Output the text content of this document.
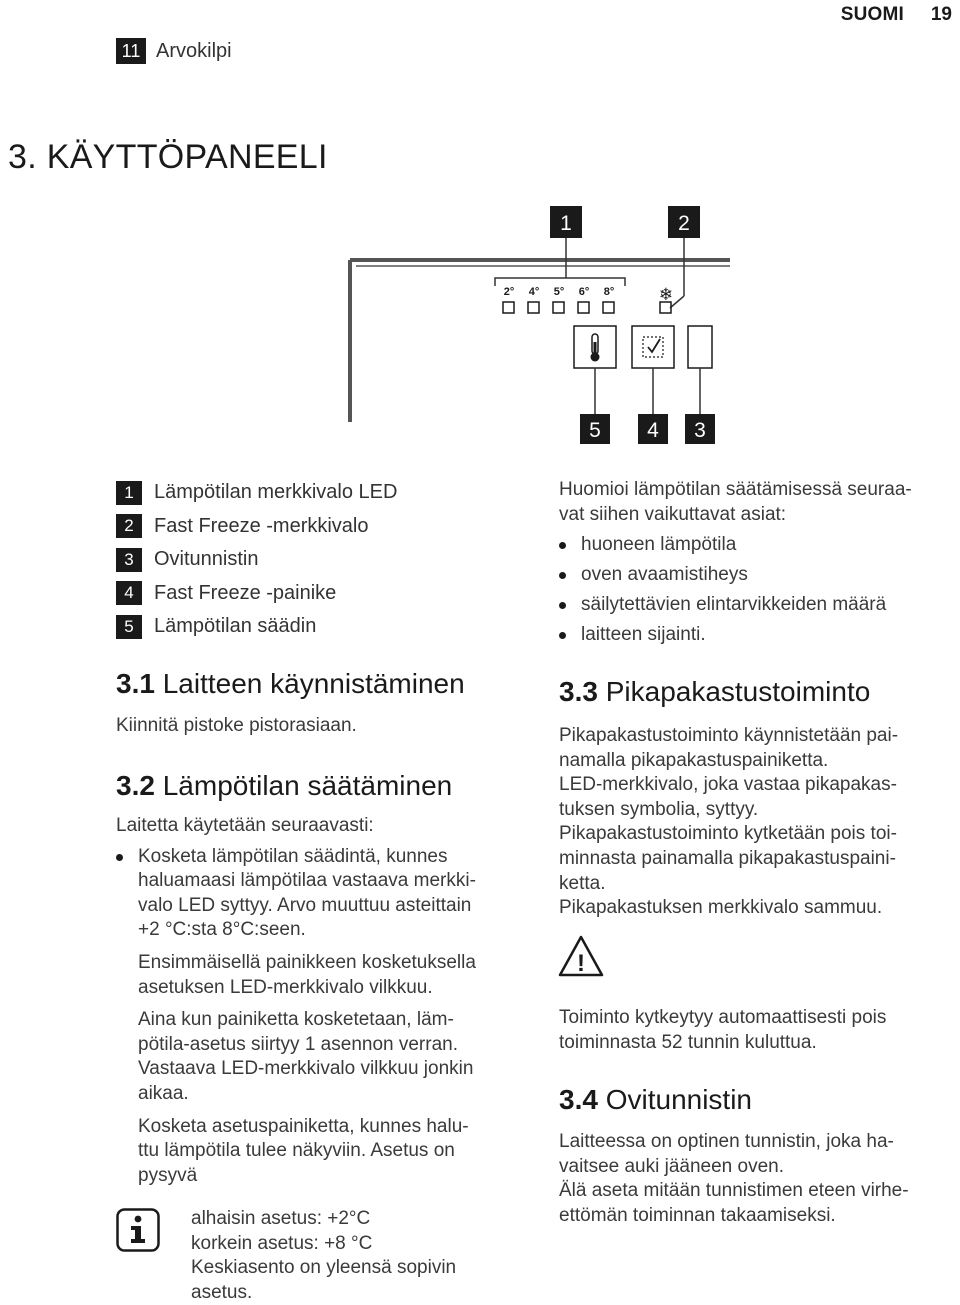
SUOMI 19
11 Arvokilpi
3. KÄYTTÖPANEELI
1	2
2° 4° 5° 6° 8°	❄
5 4 3
1	Lämpötilan merkkivalo LED
2	Fast Freeze -merkkivalo
3	Ovitunnistin
4	Fast Freeze -painike
5	Lämpötilan säädin
3.1 Laitteen käynnistäminen

Kiinnitä pistoke pistorasiaan.

3.2 Lämpötilan säätäminen

Laitetta käytetään seuraavasti:

Kosketa lämpötilan säädintä, kunnes
haluamaasi lämpötilaa vastaava merkki-
valo LED syttyy. Arvo muuttuu asteittain
+2 °C:sta 8°C:seen.
Ensimmäisellä painikkeen kosketuksella
asetuksen LED-merkkivalo vilkkuu.
Aina kun painiketta kosketetaan, läm-
pötila-asetus siirtyy 1 asennon verran.
Vastaava LED-merkkivalo vilkkuu jonkin
aikaa.
Kosketa asetuspainiketta, kunnes halu-
ttu lämpötila tulee näkyviin. Asetus on
pysyvä
alhaisin asetus: +2°C
korkein asetus: +8 °C
Keskiasento on yleensä sopivin
asetus.
Huomioi lämpötilan säätämisessä seuraa-
vat siihen vaikuttavat asiat:
huoneen lämpötila
oven avaamistiheys
säilytettävien elintarvikkeiden määrä
laitteen sijainti.
3.3 Pikapakastustoiminto
Pikapakastustoiminto käynnistetään pai-
namalla pikapakastuspainiketta.
LED-merkkivalo, joka vastaa pikapakas-
tuksen symbolia, syttyy.
Pikapakastustoiminto kytketään pois toi-
minnasta painamalla pikapakastuspaini-
ketta.
Pikapakastuksen merkkivalo sammuu.
!
Toiminto kytkeytyy automaattisesti pois
toiminnasta 52 tunnin kuluttua.
3.4 Ovitunnistin
Laitteessa on optinen tunnistin, joka ha-
vaitsee auki jääneen oven.
Älä aseta mitään tunnistimen eteen virhe-
ettömän toiminnan takaamiseksi.
